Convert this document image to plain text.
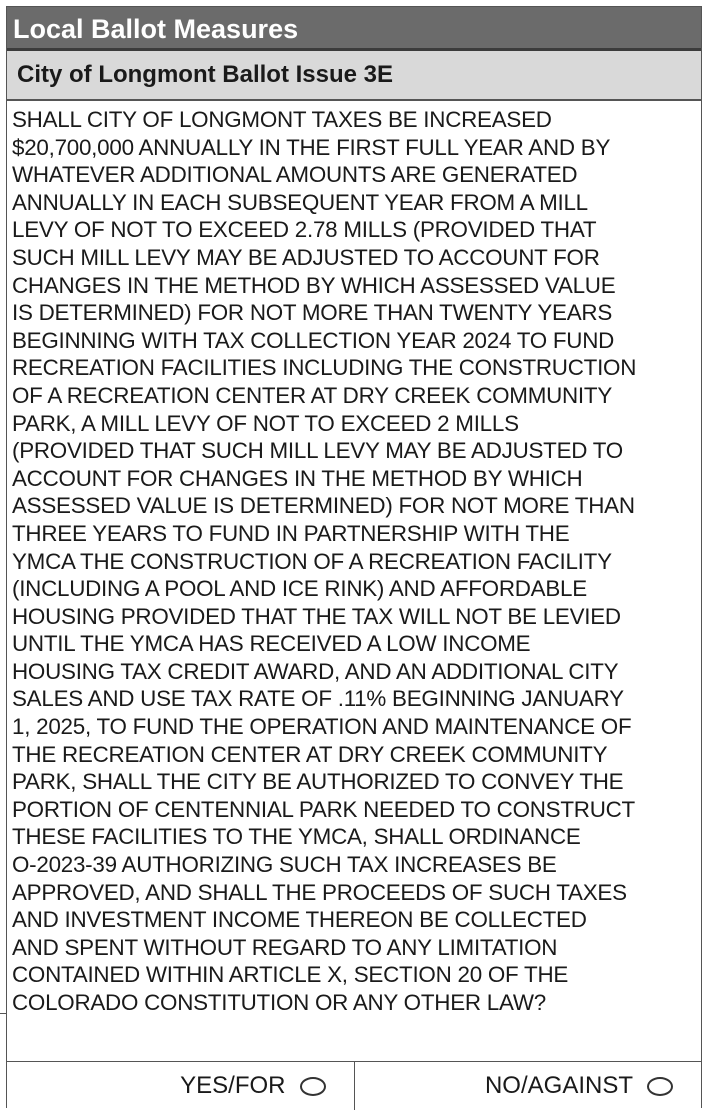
Local Ballot Measures
City of Longmont Ballot Issue 3E
SHALL CITY OF LONGMONT TAXES BE INCREASED
$20,700,000 ANNUALLY IN THE FIRST FULL YEAR AND BY
WHATEVER ADDITIONAL AMOUNTS ARE GENERATED
ANNUALLY IN EACH SUBSEQUENT YEAR FROM A MILL
LEVY OF NOT TO EXCEED 2.78 MILLS (PROVIDED THAT
SUCH MILL LEVY MAY BE ADJUSTED TO ACCOUNT FOR
CHANGES IN THE METHOD BY WHICH ASSESSED VALUE
IS DETERMINED) FOR NOT MORE THAN TWENTY YEARS
BEGINNING WITH TAX COLLECTION YEAR 2024 TO FUND
RECREATION FACILITIES INCLUDING THE CONSTRUCTION
OF A RECREATION CENTER AT DRY CREEK COMMUNITY
PARK, A MILL LEVY OF NOT TO EXCEED 2 MILLS
(PROVIDED THAT SUCH MILL LEVY MAY BE ADJUSTED TO
ACCOUNT FOR CHANGES IN THE METHOD BY WHICH
ASSESSED VALUE IS DETERMINED) FOR NOT MORE THAN
THREE YEARS TO FUND IN PARTNERSHIP WITH THE
YMCA THE CONSTRUCTION OF A RECREATION FACILITY
(INCLUDING A POOL AND ICE RINK) AND AFFORDABLE
HOUSING PROVIDED THAT THE TAX WILL NOT BE LEVIED
UNTIL THE YMCA HAS RECEIVED A LOW INCOME
HOUSING TAX CREDIT AWARD, AND AN ADDITIONAL CITY
SALES AND USE TAX RATE OF .11% BEGINNING JANUARY
1, 2025, TO FUND THE OPERATION AND MAINTENANCE OF
THE RECREATION CENTER AT DRY CREEK COMMUNITY
PARK, SHALL THE CITY BE AUTHORIZED TO CONVEY THE
PORTION OF CENTENNIAL PARK NEEDED TO CONSTRUCT
THESE FACILITIES TO THE YMCA, SHALL ORDINANCE
O-2023-39 AUTHORIZING SUCH TAX INCREASES BE
APPROVED, AND SHALL THE PROCEEDS OF SUCH TAXES
AND INVESTMENT INCOME THEREON BE COLLECTED
AND SPENT WITHOUT REGARD TO ANY LIMITATION
CONTAINED WITHIN ARTICLE X, SECTION 20 OF THE
COLORADO CONSTITUTION OR ANY OTHER LAW?
YES/FOR	NO/AGAINST
